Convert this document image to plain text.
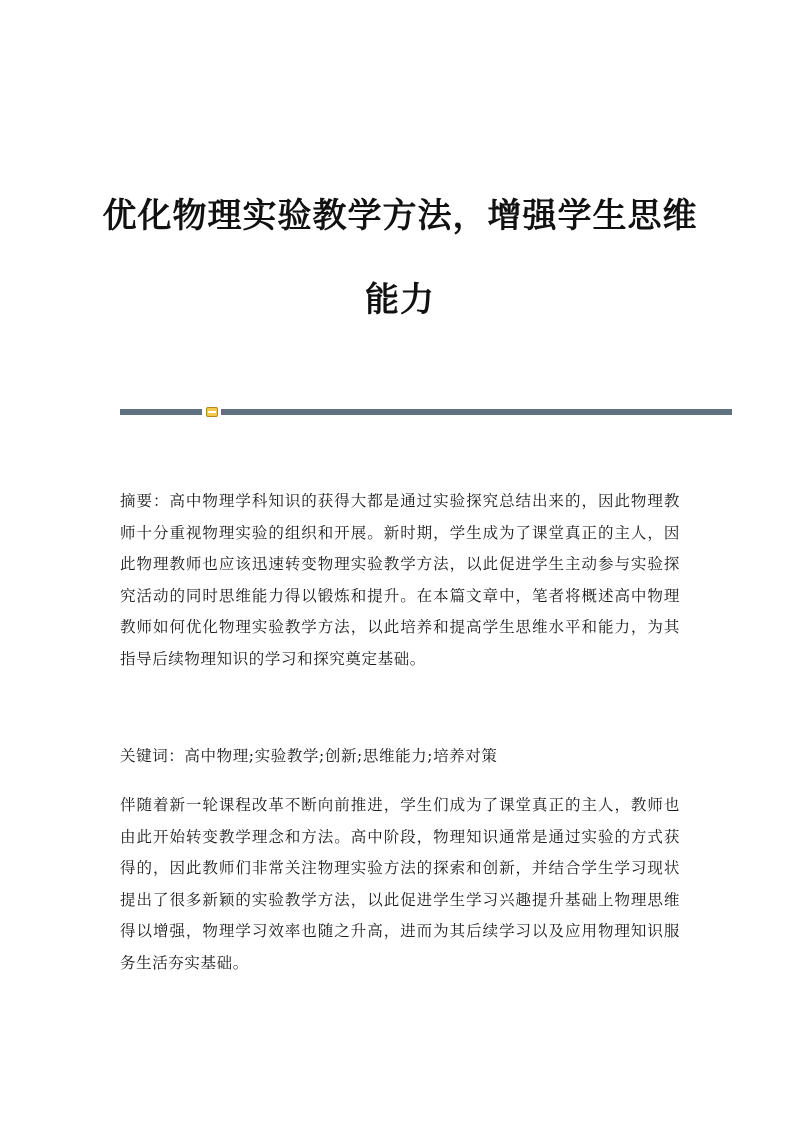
优化物理实验教学方法，增强学生思维
能力

摘要：高中物理学科知识的获得大都是通过实验探究总结出来的，因此物理教师十分重视物理实验的组织和开展。新时期，学生成为了课堂真正的主人，因此物理教师也应该迅速转变物理实验教学方法，以此促进学生主动参与实验探究活动的同时思维能力得以锻炼和提升。在本篇文章中，笔者将概述高中物理教师如何优化物理实验教学方法，以此培养和提高学生思维水平和能力，为其指导后续物理知识的学习和探究奠定基础。

关键词：高中物理;实验教学;创新;思维能力;培养对策

伴随着新一轮课程改革不断向前推进，学生们成为了课堂真正的主人，教师也由此开始转变教学理念和方法。高中阶段，物理知识通常是通过实验的方式获得的，因此教师们非常关注物理实验方法的探索和创新，并结合学生学习现状提出了很多新颖的实验教学方法，以此促进学生学习兴趣提升基础上物理思维得以增强，物理学习效率也随之升高，进而为其后续学习以及应用物理知识服务生活夯实基础。
